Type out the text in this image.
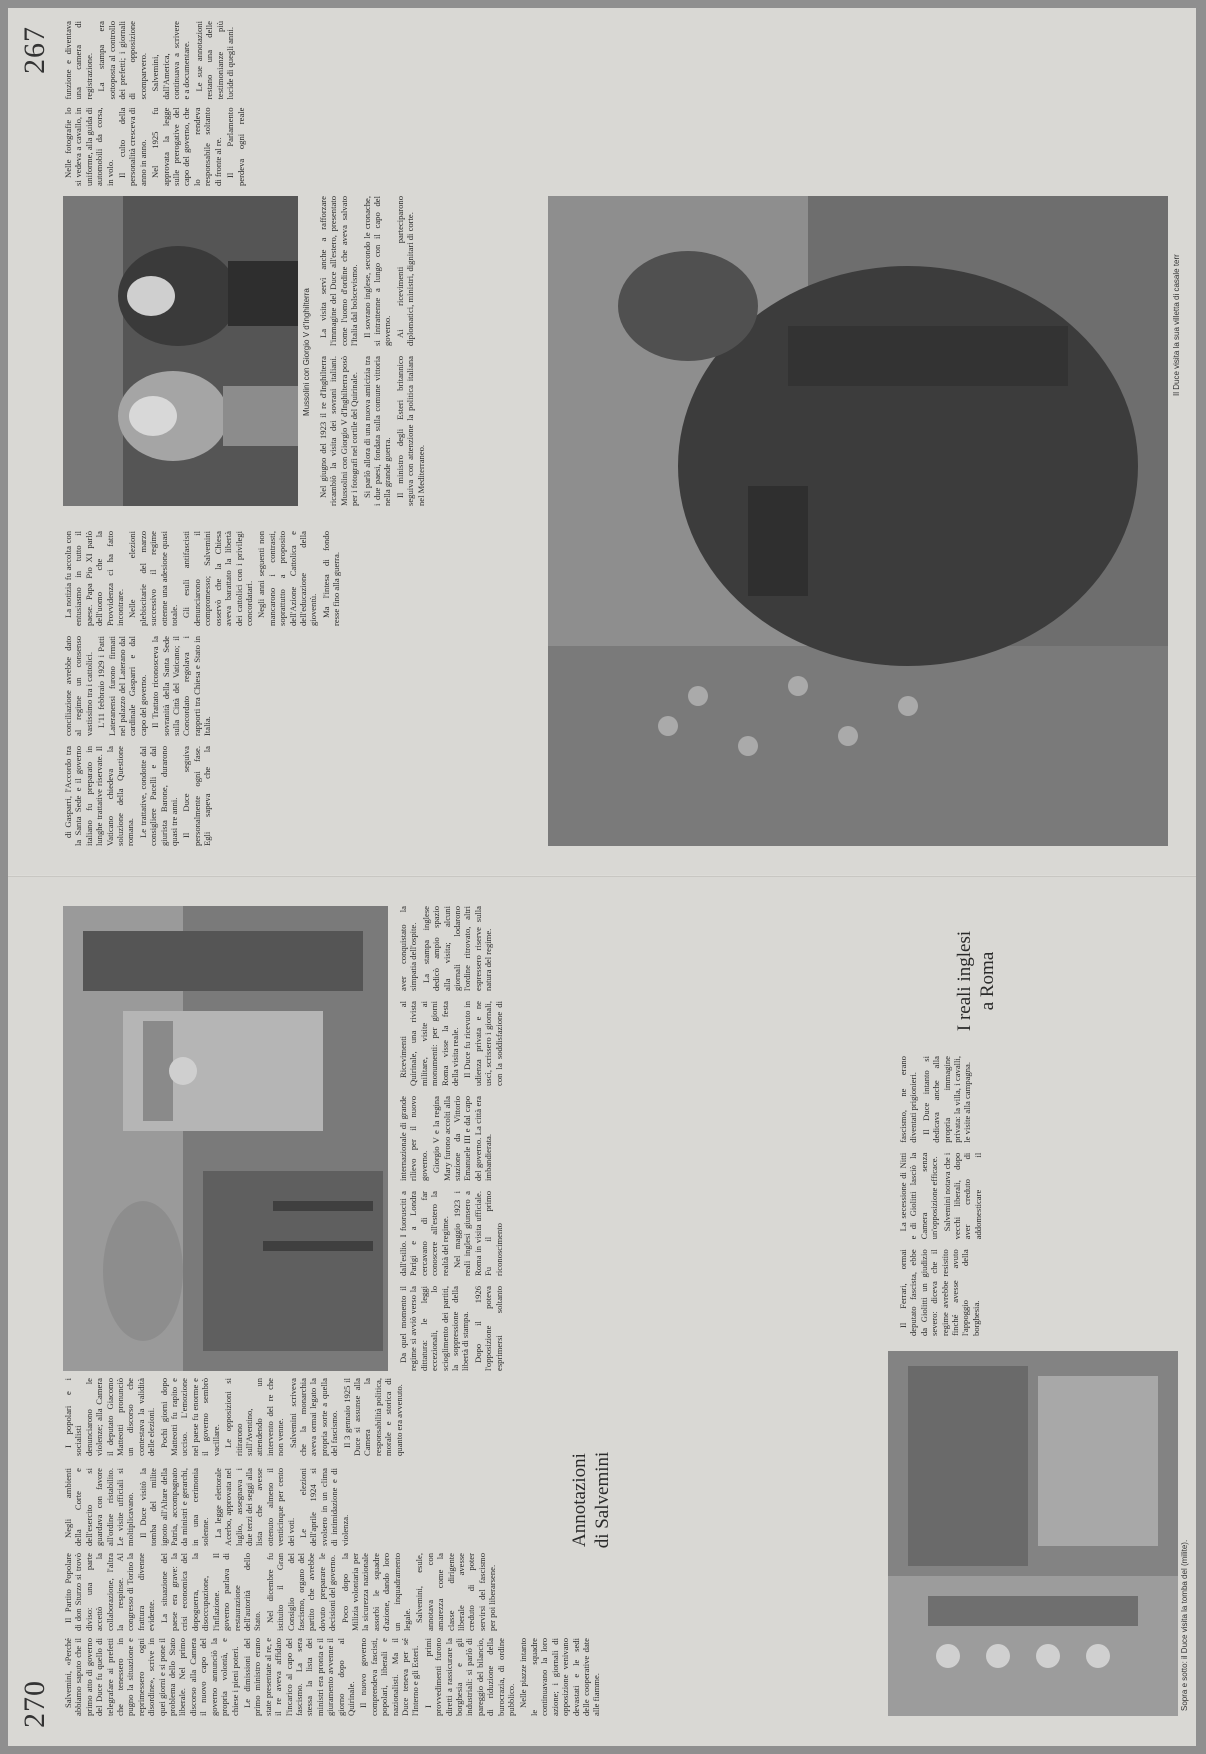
270
267
Sopra e sotto: il Duce visita la tomba del (milite).

Salvemini, «Perché abbiamo saputo che il primo atto di governo del Duce fu quello di telegrafare ai prefetti che tenessero in pugno la situazione e reprimessero ogni disordine», scrive in quei giorni e si pone il problema dello Stato liberale. Nel primo discorso alla Camera il nuovo capo del governo annunciò la propria volontà, e chiese i pieni poteri. Le dimissioni del primo ministro erano state presentate al re, e il re aveva affidato l'incarico al capo del fascismo. La sera stessa la lista dei ministri era pronta e il giuramento avvenne il giorno dopo al Quirinale. Il nuovo governo comprendeva fascisti, popolari, liberali e nazionalisti. Ma il Duce teneva per sé l'Interno e gli Esteri. I primi provvedimenti furono diretti a rassicurare la borghesia e gli industriali: si parlò di pareggio del bilancio, di riduzione della burocrazia, di ordine pubblico. Nelle piazze intanto le squadre continuavano la loro azione; i giornali di opposizione venivano devastati e le sedi delle cooperative date alle fiamme.

Il Partito Popolare di don Sturzo si trovò diviso: una parte accettò la collaborazione, l'altra la respinse. Al congresso di Torino la frattura divenne evidente. La situazione del paese era grave: la crisi economica del dopoguerra, la disoccupazione, l'inflazione. Il governo parlava di restaurazione dell'autorità dello Stato. Nel dicembre fu istituito il Gran Consiglio del fascismo, organo del partito che avrebbe dovuto preparare le decisioni del governo. Poco dopo la Milizia volontaria per la sicurezza nazionale assorbì le squadre d'azione, dando loro un inquadramento legale. Salvemini, esule, annotava con amarezza come la classe dirigente liberale avesse creduto di poter servirsi del fascismo per poi liberarsene.

Negli ambienti della Corte e dell'esercito si guardava con favore all'ordine ristabilito. Le visite ufficiali si moltiplicavano. Il Duce visitò la tomba del milite ignoto all'Altare della Patria, accompagnato da ministri e gerarchi, in una cerimonia solenne. La legge elettorale Acerbo, approvata nel luglio, assegnava i due terzi dei seggi alla lista che avesse ottenuto almeno il venticinque per cento dei voti. Le elezioni dell'aprile 1924 si svolsero in un clima di intimidazione e di violenza.	Annotazioni di Salvemini

I popolari e i socialisti denunciarono le violenze; alla Camera il deputato Giacomo Matteotti pronunciò un discorso che contestava la validità delle elezioni. Pochi giorni dopo Matteotti fu rapito e ucciso. L'emozione nel paese fu enorme e il governo sembrò vacillare. Le opposizioni si ritirarono sull'Aventino, attendendo un intervento del re che non venne. Salvemini scriveva che la monarchia aveva ormai legato la propria sorte a quella del fascismo. Il 3 gennaio 1925 il Duce si assunse alla Camera la responsabilità politica, morale e storica di quanto era avvenuto.

Da quel momento il regime si avviò verso la dittatura: le leggi eccezionali, lo scioglimento dei partiti, la soppressione della libertà di stampa. Dopo il 1926 l'opposizione poteva esprimersi soltanto dall'esilio. I fuorusciti a Parigi e a Londra cercavano di far conoscere all'estero la realtà del regime. Nel maggio 1923 i reali inglesi giunsero a Roma in visita ufficiale. Fu il primo riconoscimento internazionale di grande rilievo per il nuovo governo. Giorgio V e la regina Mary furono accolti alla stazione da Vittorio Emanuele III e dal capo del governo. La città era imbandierata.

Ricevimenti al Quirinale, una rivista militare, visite ai monumenti: per giorni Roma visse la festa della visita reale. Il Duce fu ricevuto in udienza privata e ne uscì, scrissero i giornali, con la soddisfazione di aver conquistato la simpatia dell'ospite. La stampa inglese dedicò ampio spazio alla visita; alcuni giornali lodarono l'ordine ritrovato, altri espressero riserve sulla natura del regime.	I reali inglesi a Roma

Il Ferrari, ormai deputato fascista, ebbe da Giolitti un giudizio severo: diceva che il regime avrebbe resistito finché avesse avuto l'appoggio della borghesia.

La secessione di Nitti e di Giolitti lasciò la Camera senza un'opposizione efficace. Salvemini notava che i vecchi liberali, dopo aver creduto di addomesticare il fascismo, ne erano diventati prigionieri. Il Duce intanto si dedicava anche alla propria immagine privata: la villa, i cavalli, le visite alla campagna.

di Gasparri, l'Accordo tra la Santa Sede e il governo italiano fu preparato in lunghe trattative riservate. Il Vaticano chiedeva la soluzione della Questione romana. Le trattative, condotte dal consigliere Pacelli e dal giurista Barone, durarono quasi tre anni. Il Duce seguiva personalmente ogni fase. Egli sapeva che la conciliazione avrebbe dato al regime un consenso vastissimo tra i cattolici. L'11 febbraio 1929 i Patti Lateranensi furono firmati nel palazzo del Laterano dal cardinale Gasparri e dal capo del governo. Il Trattato riconosceva la sovranità della Santa Sede sulla Città del Vaticano; il Concordato regolava i rapporti tra Chiesa e Stato in Italia.

La notizia fu accolta con entusiasmo in tutto il paese. Papa Pio XI parlò dell'uomo che la Provvidenza ci ha fatto incontrare. Nelle elezioni plebiscitarie del marzo successivo il regime ottenne una adesione quasi totale. Gli esuli antifascisti denunciarono il compromesso; Salvemini osservò che la Chiesa aveva barattato la libertà dei cattolici con i privilegi concordatari. Negli anni seguenti non mancarono i contrasti, soprattutto a proposito dell'Azione Cattolica e dell'educazione della gioventù. Ma l'intesa di fondo resse fino alla guerra.

Mussolini con Giorgio V d'Inghilterra

Nel giugno del 1923 il re d'Inghilterra ricambiò la visita dei sovrani italiani. Mussolini con Giorgio V d'Inghilterra posò per i fotografi nel cortile del Quirinale. Si parlò allora di una nuova amicizia tra i due paesi, fondata sulla comune vittoria nella grande guerra. Il ministro degli Esteri britannico seguiva con attenzione la politica italiana nel Mediterraneo.

La visita servì anche a rafforzare l'immagine del Duce all'estero, presentato come l'uomo d'ordine che aveva salvato l'Italia dal bolscevismo. Il sovrano inglese, secondo le cronache, si intrattenne a lungo con il capo del governo. Ai ricevimenti parteciparono diplomatici, ministri, dignitari di corte.

Nelle fotografie lo si vedeva a cavallo, in uniforme, alla guida di automobili da corsa, in volo. Il culto della personalità cresceva di anno in anno. Nel 1925 fu approvata la legge sulle prerogative del capo del governo, che lo rendeva responsabile soltanto di fronte al re. Il Parlamento perdeva ogni reale funzione e diventava una camera di registrazione. La stampa era sottoposta al controllo dei prefetti; i giornali di opposizione scomparvero. Salvemini, dall'America, continuava a scrivere e a documentare. Le sue annotazioni restano una delle testimonianze più lucide di quegli anni.

Il Duce visita la sua villetta di casale terr
